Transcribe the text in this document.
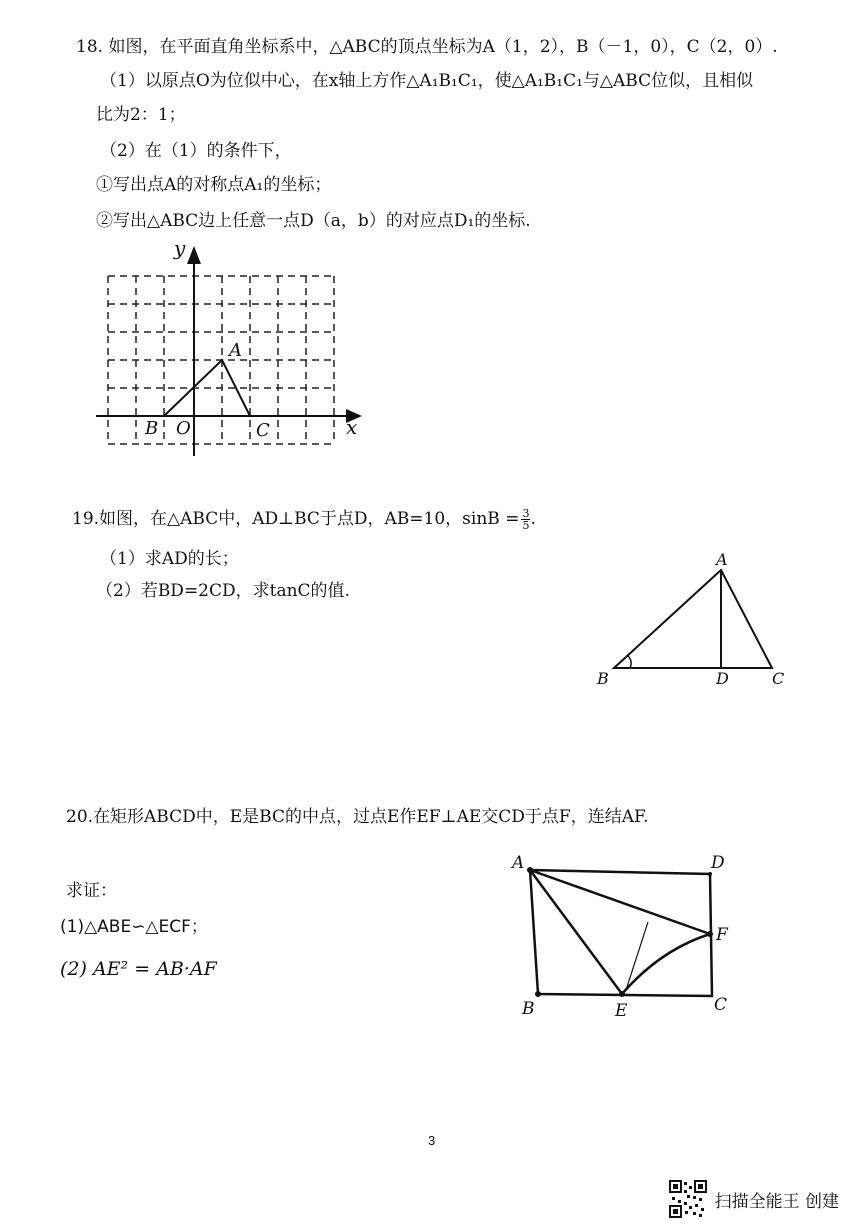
18. 如图，在平面直角坐标系中，△ABC的顶点坐标为A（1，2），B（－1，0），C（2，0）.
（1）以原点O为位似中心，在x轴上方作△A₁B₁C₁，使△A₁B₁C₁与△ABC位似，且相似
比为2：1；
（2）在（1）的条件下，
①写出点A的对称点A₁的坐标；
②写出△ABC边上任意一点D（a，b）的对应点D₁的坐标.
y
x
A
B O	C
19.如图，在△ABC中，AD⊥BC于点D，AB=10，$\sin B = \frac{3}{5}$ .
（1）求AD的长；
（2）若BD=2CD，求tanC的值.
A
B	D	C
20.在矩形ABCD中，E是BC的中点，过点E作EF⊥AE交CD于点F，连结AF.
求证：
(1)△ABE∽△ECF；
(2) AE² = AB·AF
A	D
F
B	E	C
3
扫描全能王 创建
